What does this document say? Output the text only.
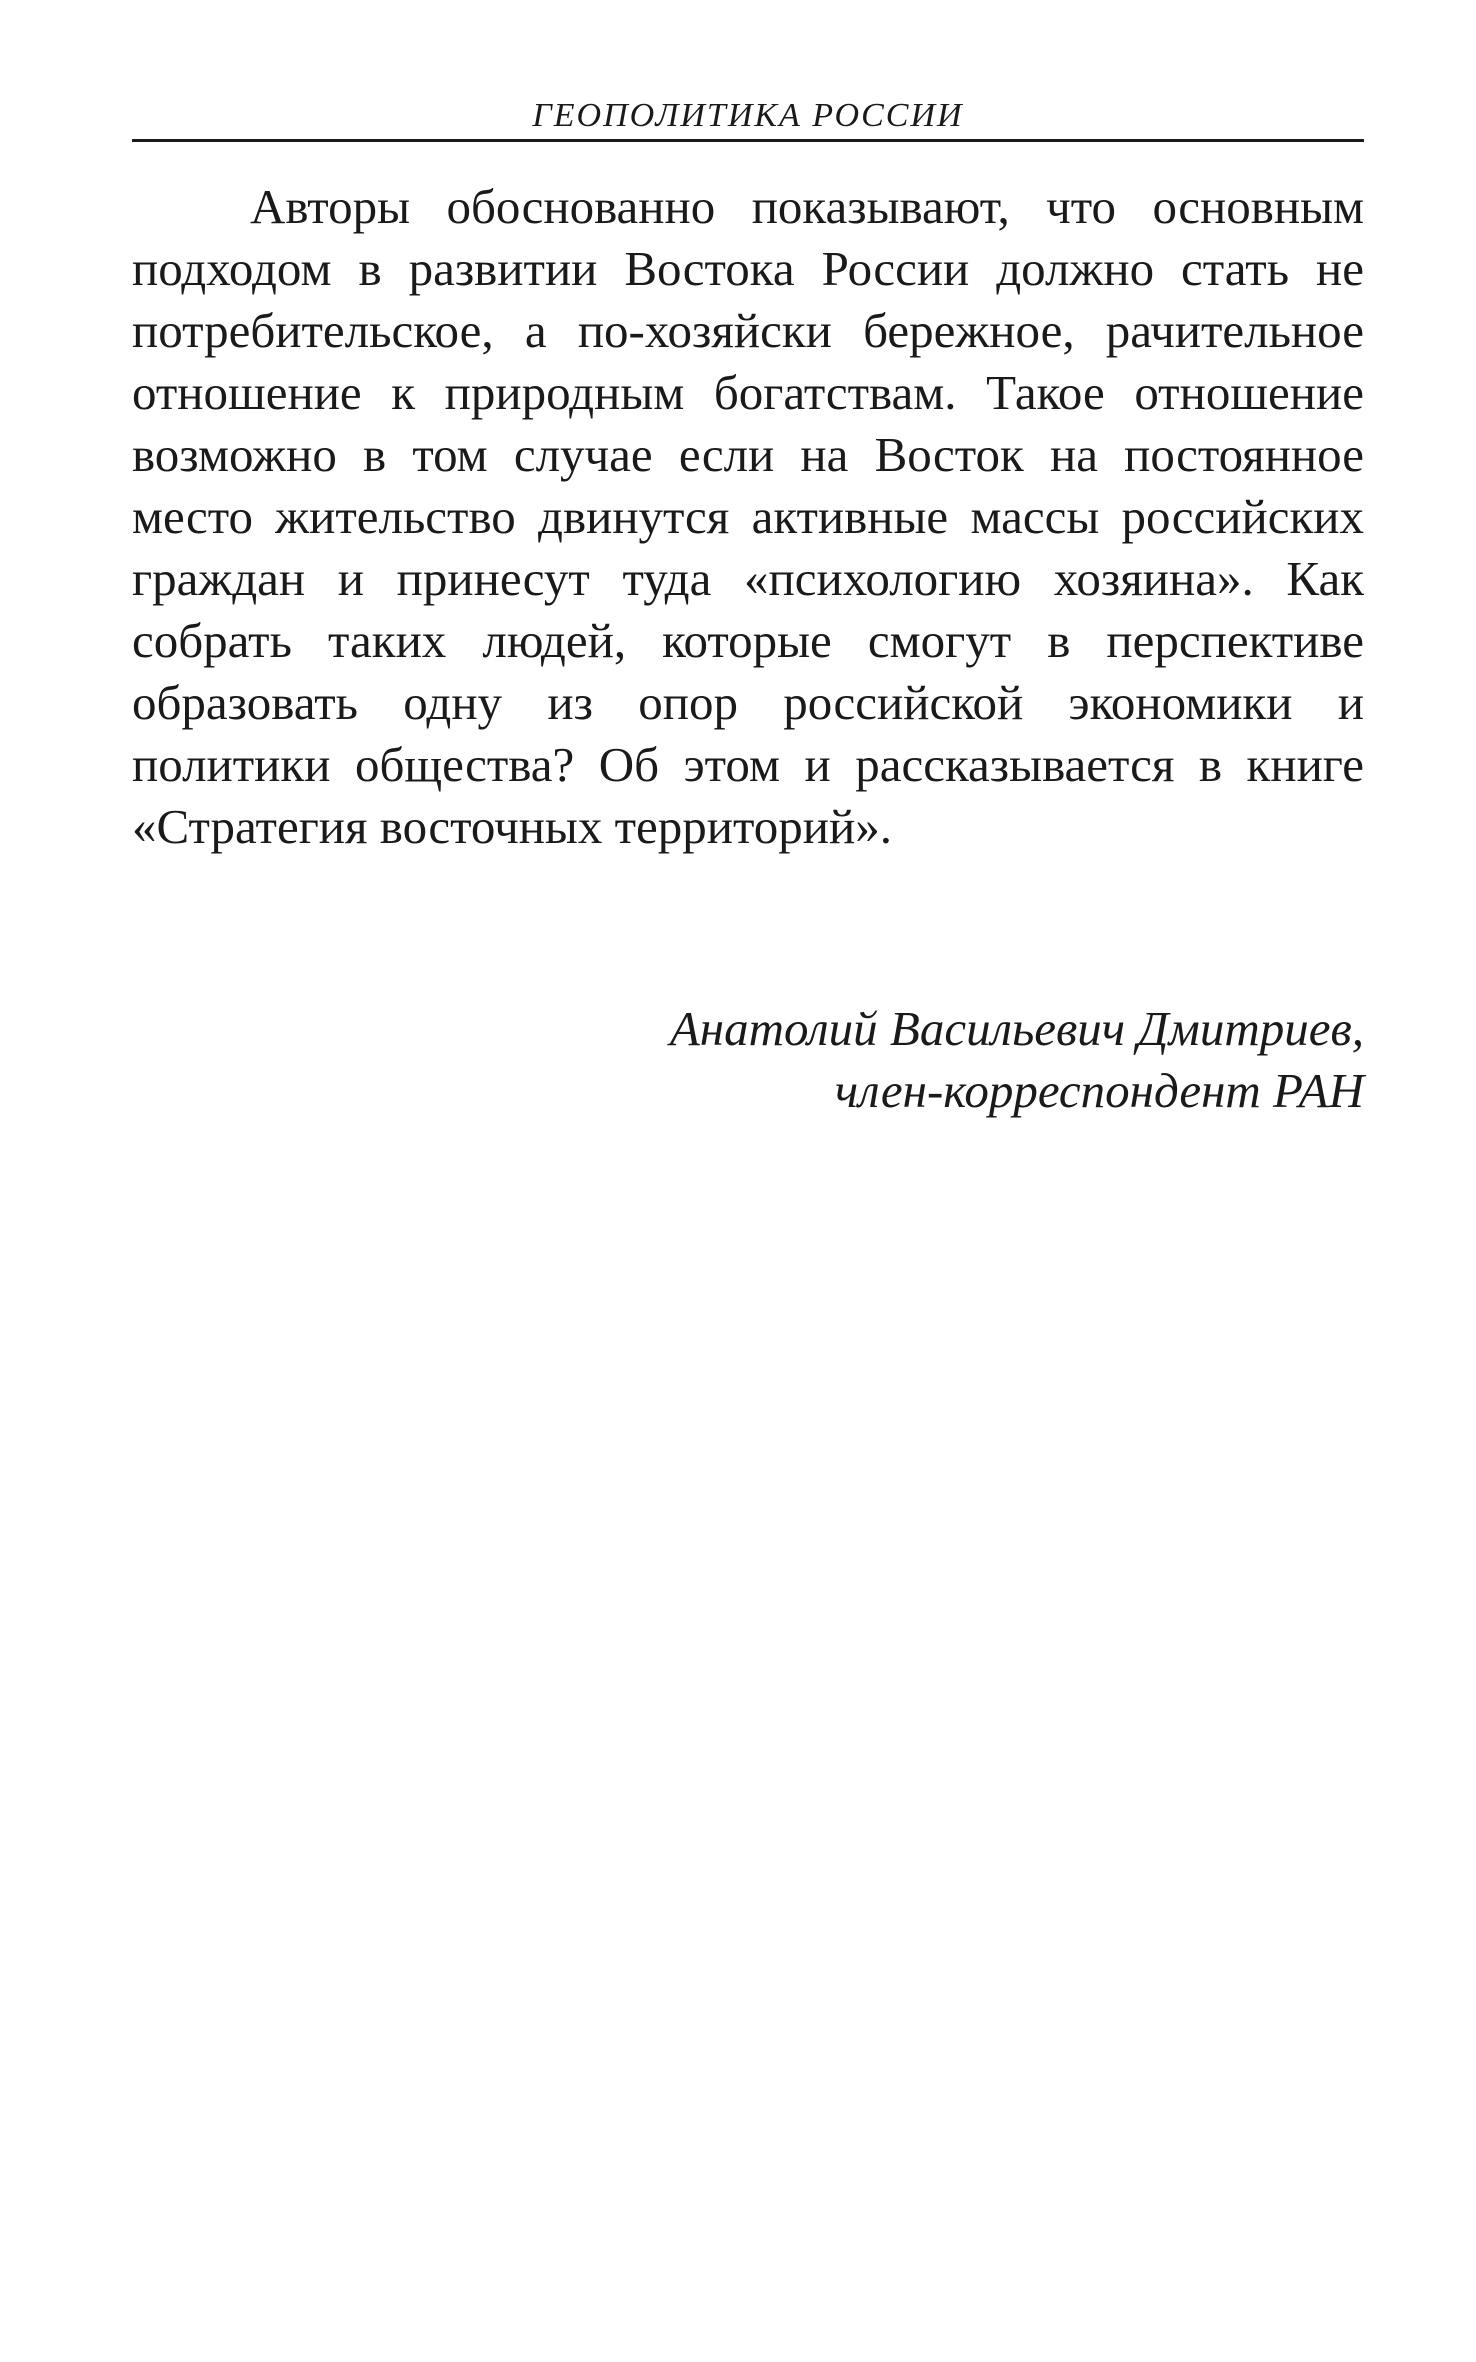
ГЕОПОЛИТИКА РОССИИ

Авторы обоснованно показывают, что основным подходом в развитии Востока России должно стать не потребительское, а по-хозяйски бережное, рачительное отношение к природным богатствам. Такое отношение возможно в том случае если на Восток на постоянное место жительство двинутся активные массы российских граждан и принесут туда «психологию хозяина». Как собрать таких людей, которые смогут в перспективе образовать одну из опор российской экономики и политики общества? Об этом и рассказывается в книге «Стратегия восточных территорий».

Анатолий Васильевич Дмитриев,
член-корреспондент РАН
